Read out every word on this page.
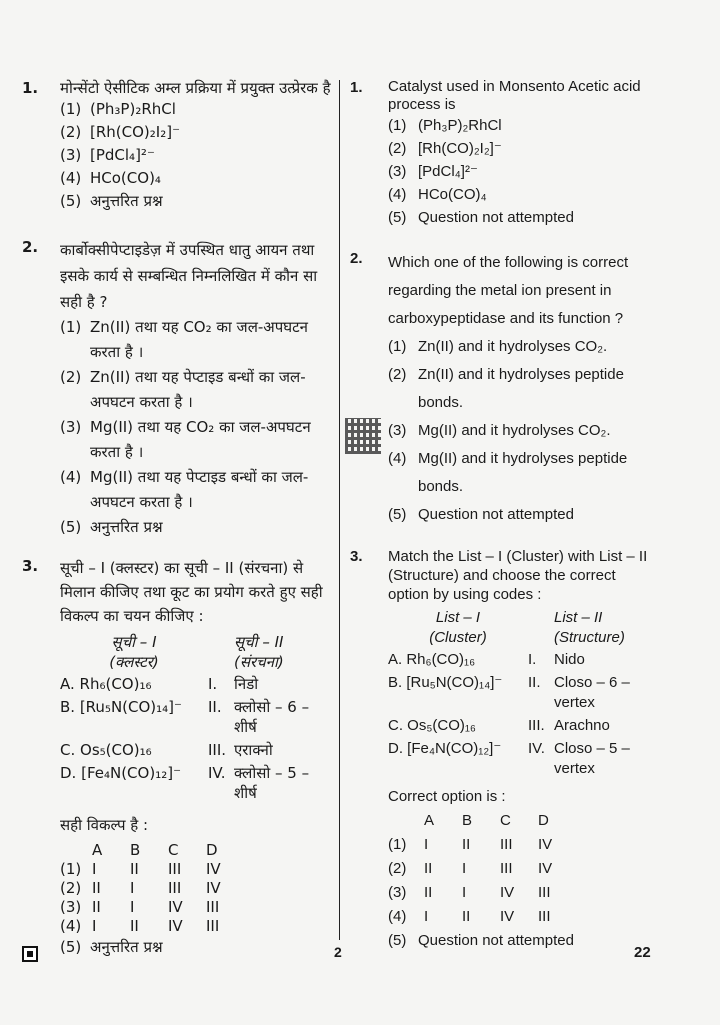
1. मोन्सेंटो ऐसीटिक अम्ल प्रक्रिया में प्रयुक्त उत्प्रेरक है
(1) (Ph₃P)₂RhCl
(2) [Rh(CO)₂I₂]⁻
(3) [PdCl₄]²⁻
(4) HCo(CO)₄
(5) अनुत्तरित प्रश्न
2. कार्बोक्सीपेप्टाइडेज़ में उपस्थित धातु आयन तथा इसके कार्य से सम्बन्धित निम्नलिखित में कौन सा सही है ?
(1) Zn(II) तथा यह CO₂ का जल-अपघटन करता है ।
(2) Zn(II) तथा यह पेप्टाइड बन्धों का जल-अपघटन करता है ।
(3) Mg(II) तथा यह CO₂ का जल-अपघटन करता है ।
(4) Mg(II) तथा यह पेप्टाइड बन्धों का जल-अपघटन करता है ।
(5) अनुत्तरित प्रश्न
3. सूची – I (क्लस्टर) का सूची – II (संरचना) से मिलान कीजिए तथा कूट का प्रयोग करते हुए सही विकल्प का चयन कीजिए :
सूची – I
(क्लस्टर)
सूची – II
(संरचना)
A. Rh₆(CO)₁₆	I.	निडो
B. [Ru₅N(CO)₁₄]⁻	II. क्लोसो – 6 – शीर्ष
C. Os₅(CO)₁₆	III. एराक्नो
D. [Fe₄N(CO)₁₂]⁻	IV. क्लोसो – 5 – शीर्ष
सही विकल्प है :
A	B	C	D
(1) I	II	III	IV
(2) II	I	III	IV
(3) II	I	IV	III
(4) I	II	IV	III
(5) अनुत्तरित प्रश्न
1. Catalyst used in Monsento Acetic acid process is
(1) (Ph₃P)₂RhCl
(2) [Rh(CO)₂I₂]⁻
(3) [PdCl₄]²⁻
(4) HCo(CO)₄
(5) Question not attempted
2. Which one of the following is correct regarding the metal ion present in carboxypeptidase and its function ?
(1) Zn(II) and it hydrolyses CO₂.
(2) Zn(II) and it hydrolyses peptide bonds.
(3) Mg(II) and it hydrolyses CO₂.
(4) Mg(II) and it hydrolyses peptide bonds.
(5) Question not attempted
3. Match the List – I (Cluster) with List – II (Structure) and choose the correct option by using codes :
List – I
(Cluster)
List – II
(Structure)
A. Rh₆(CO)₁₆	I.	Nido
B. [Ru₅N(CO)₁₄]⁻	II. Closo – 6 – vertex
C. Os₅(CO)₁₆	III. Arachno
D. [Fe₄N(CO)₁₂]⁻	IV. Closo – 5 – vertex
Correct option is :
A	B	C	D
(1)	I	II	III	IV
(2)	II	I	III	IV
(3)	II	I	IV	III
(4)	I	II	IV	III
(5) Question not attempted
2	22
